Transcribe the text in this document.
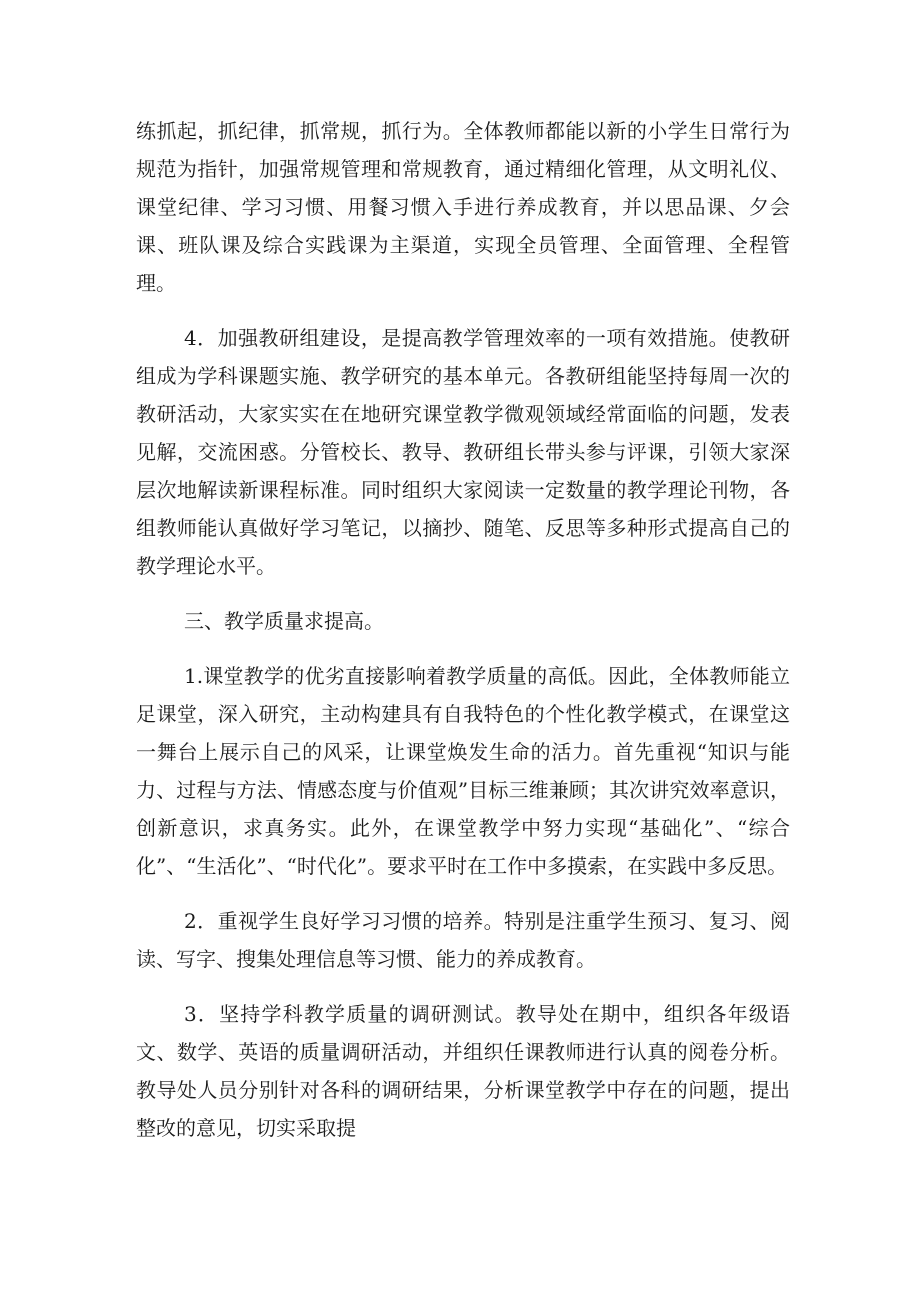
练抓起，抓纪律，抓常规，抓行为。全体教师都能以新的小学生日常行为规范为指针，加强常规管理和常规教育，通过精细化管理，从文明礼仪、课堂纪律、学习习惯、用餐习惯入手进行养成教育，并以思品课、夕会课、班队课及综合实践课为主渠道，实现全员管理、全面管理、全程管理。

4．加强教研组建设，是提高教学管理效率的一项有效措施。使教研组成为学科课题实施、教学研究的基本单元。各教研组能坚持每周一次的教研活动，大家实实在在地研究课堂教学微观领域经常面临的问题，发表见解，交流困惑。分管校长、教导、教研组长带头参与评课，引领大家深层次地解读新课程标准。同时组织大家阅读一定数量的教学理论刊物，各组教师能认真做好学习笔记，以摘抄、随笔、反思等多种形式提高自己的教学理论水平。

三、教学质量求提高。

1.课堂教学的优劣直接影响着教学质量的高低。因此，全体教师能立足课堂，深入研究，主动构建具有自我特色的个性化教学模式，在课堂这一舞台上展示自己的风采，让课堂焕发生命的活力。首先重视“知识与能力、过程与方法、情感态度与价值观”目标三维兼顾；其次讲究效率意识，创新意识，求真务实。此外，在课堂教学中努力实现“基础化”、“综合化”、“生活化”、“时代化”。要求平时在工作中多摸索，在实践中多反思。

2．重视学生良好学习习惯的培养。特别是注重学生预习、复习、阅读、写字、搜集处理信息等习惯、能力的养成教育。

3．坚持学科教学质量的调研测试。教导处在期中，组织各年级语文、数学、英语的质量调研活动，并组织任课教师进行认真的阅卷分析。教导处人员分别针对各科的调研结果，分析课堂教学中存在的问题，提出整改的意见，切实采取提
